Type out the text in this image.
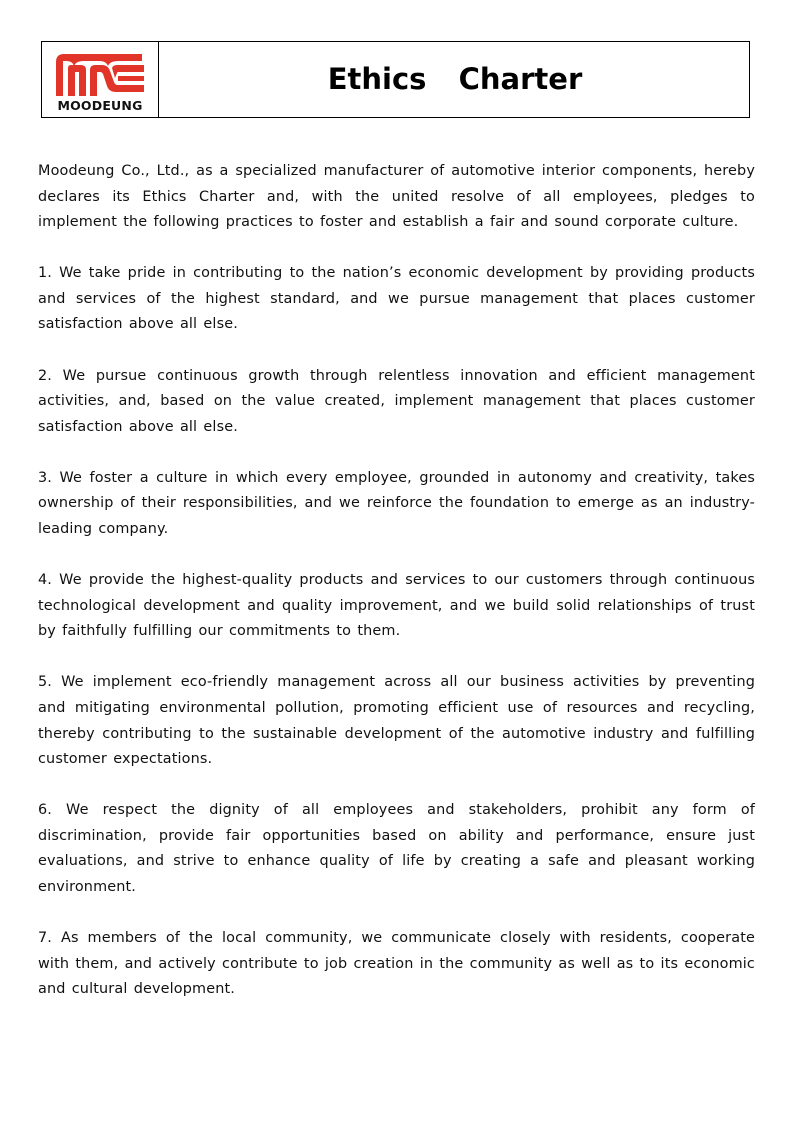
MOODEUNG
Ethics  Charter

Moodeung Co., Ltd., as a specialized manufacturer of automotive interior components, hereby declares its Ethics Charter and, with the united resolve of all employees, pledges to implement the following practices to foster and establish a fair and sound corporate culture.

1. We take pride in contributing to the nation’s economic development by providing products and services of the highest standard, and we pursue management that places customer satisfaction above all else.

2. We pursue continuous growth through relentless innovation and efficient management activities, and, based on the value created, implement management that places customer satisfaction above all else.

3. We foster a culture in which every employee, grounded in autonomy and creativity, takes ownership of their responsibilities, and we reinforce the foundation to emerge as an industry-leading company.

4. We provide the highest-quality products and services to our customers through continuous technological development and quality improvement, and we build solid relationships of trust by faithfully fulfilling our commitments to them.

5. We implement eco-friendly management across all our business activities by preventing and mitigating environmental pollution, promoting efficient use of resources and recycling, thereby contributing to the sustainable development of the automotive industry and fulfilling customer expectations.

6. We respect the dignity of all employees and stakeholders, prohibit any form of discrimination, provide fair opportunities based on ability and performance, ensure just evaluations, and strive to enhance quality of life by creating a safe and pleasant working environment.

7. As members of the local community, we communicate closely with residents, cooperate with them, and actively contribute to job creation in the community as well as to its economic and cultural development.
